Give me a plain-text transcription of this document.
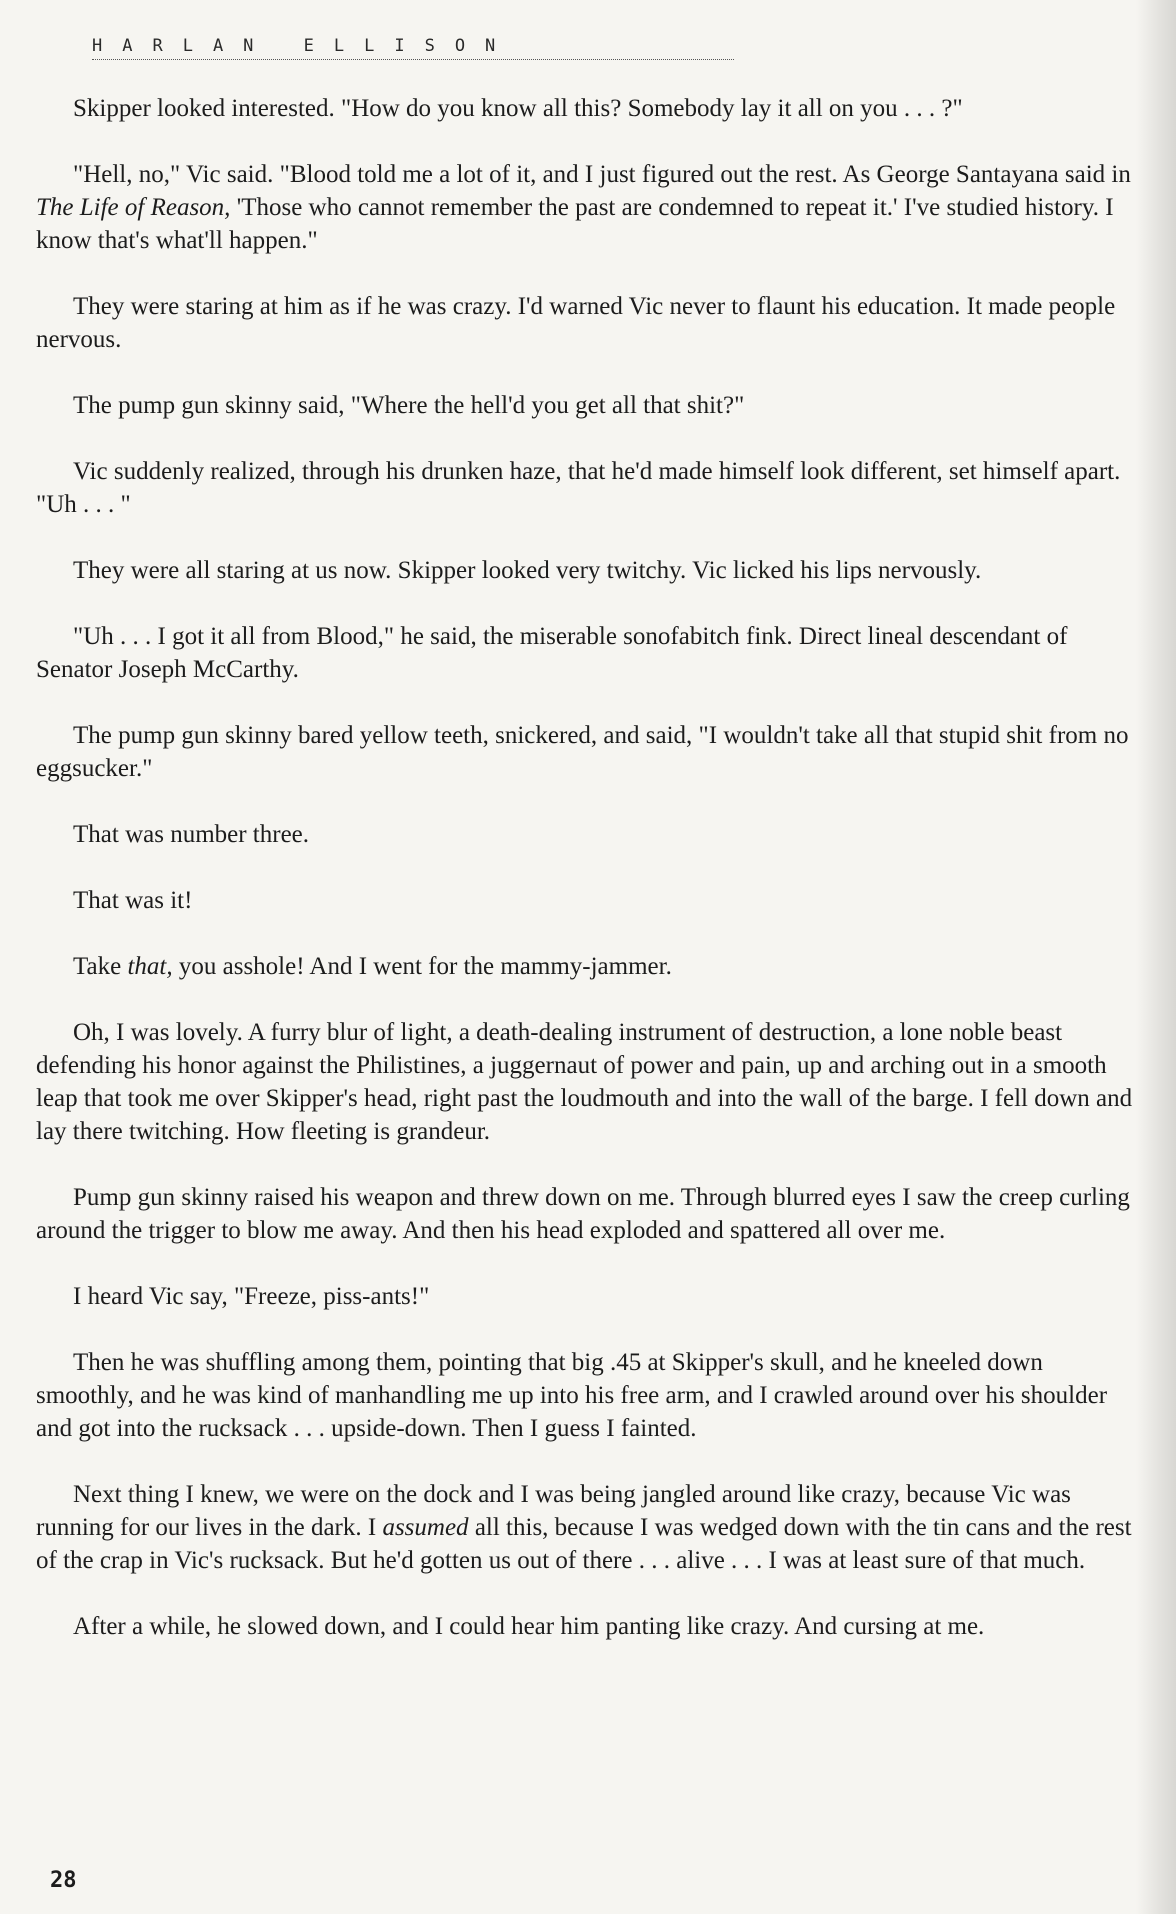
HARLAN ELLISON

Skipper looked interested. "How do you know all this? Somebody lay it all on you . . . ?"

"Hell, no," Vic said. "Blood told me a lot of it, and I just figured out the rest. As George Santayana said in The Life of Reason, 'Those who cannot remember the past are condemned to repeat it.' I've studied history. I know that's what'll happen."

They were staring at him as if he was crazy. I'd warned Vic never to flaunt his education. It made people nervous.

The pump gun skinny said, "Where the hell'd you get all that shit?"

Vic suddenly realized, through his drunken haze, that he'd made himself look different, set himself apart. "Uh . . . "

They were all staring at us now. Skipper looked very twitchy. Vic licked his lips nervously.

"Uh . . . I got it all from Blood," he said, the miserable sonofabitch fink. Direct lineal descendant of Senator Joseph McCarthy.

The pump gun skinny bared yellow teeth, snickered, and said, "I wouldn't take all that stupid shit from no eggsucker."

That was number three.

That was it!

Take that, you asshole! And I went for the mammy-jammer.

Oh, I was lovely. A furry blur of light, a death-dealing instrument of destruction, a lone noble beast defending his honor against the Philistines, a juggernaut of power and pain, up and arching out in a smooth leap that took me over Skipper's head, right past the loudmouth and into the wall of the barge. I fell down and lay there twitching. How fleeting is grandeur.

Pump gun skinny raised his weapon and threw down on me. Through blurred eyes I saw the creep curling around the trigger to blow me away. And then his head exploded and spattered all over me.

I heard Vic say, "Freeze, piss-ants!"

Then he was shuffling among them, pointing that big .45 at Skipper's skull, and he kneeled down smoothly, and he was kind of manhandling me up into his free arm, and I crawled around over his shoulder and got into the rucksack . . . upside-down. Then I guess I fainted.

Next thing I knew, we were on the dock and I was being jangled around like crazy, because Vic was running for our lives in the dark. I assumed all this, because I was wedged down with the tin cans and the rest of the crap in Vic's rucksack. But he'd gotten us out of there . . . alive . . . I was at least sure of that much.

After a while, he slowed down, and I could hear him panting like crazy. And cursing at me.

28
